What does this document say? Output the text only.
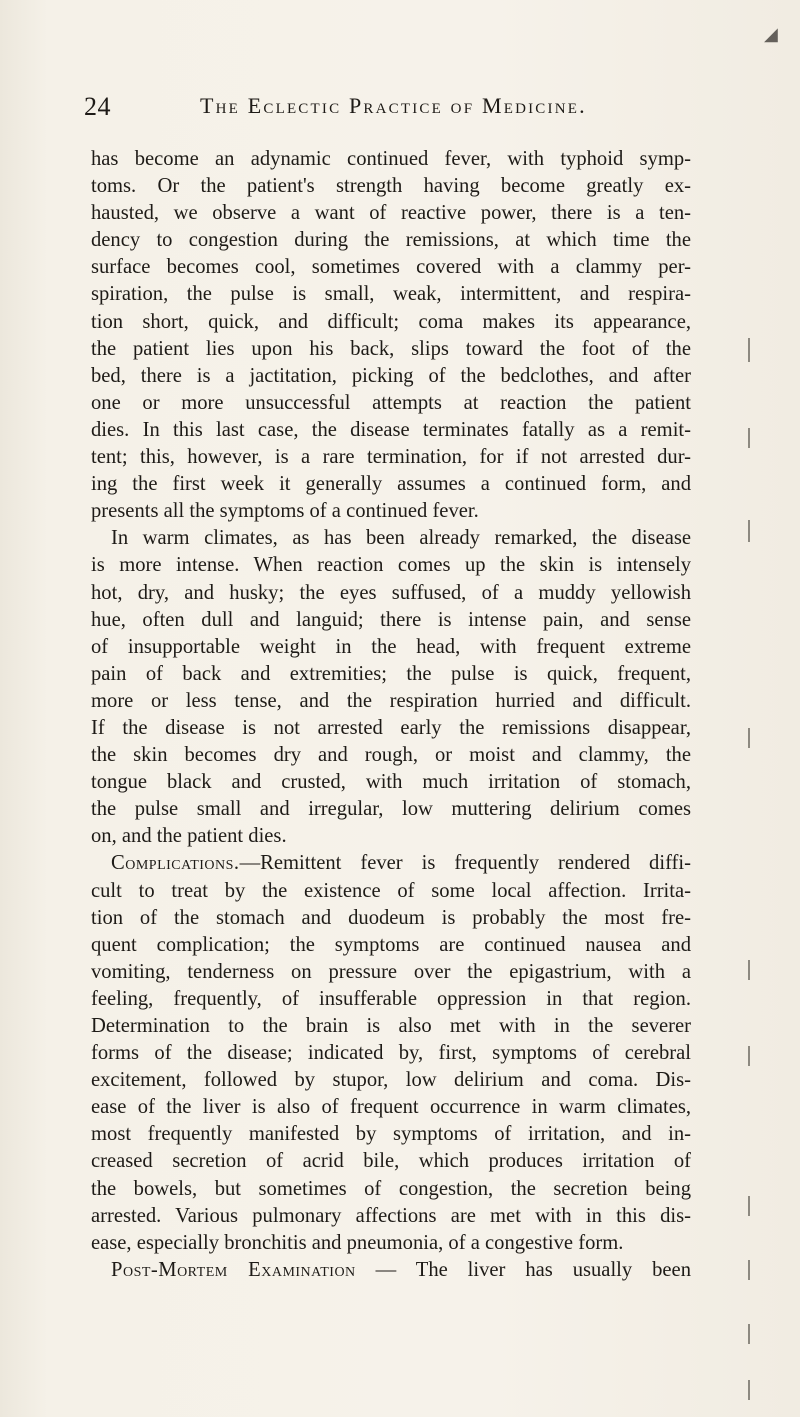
◢
24	The Eclectic Practice of Medicine.
has become an adynamic continued fever, with typhoid symp-
toms. Or the patient's strength having become greatly ex-
hausted, we observe a want of reactive power, there is a ten-
dency to congestion during the remissions, at which time the
surface becomes cool, sometimes covered with a clammy per-
spiration, the pulse is small, weak, intermittent, and respira-
tion short, quick, and difficult; coma makes its appearance,
the patient lies upon his back, slips toward the foot of the
bed, there is a jactitation, picking of the bedclothes, and after
one or more unsuccessful attempts at reaction the patient
dies. In this last case, the disease terminates fatally as a remit-
tent; this, however, is a rare termination, for if not arrested dur-
ing the first week it generally assumes a continued form, and
presents all the symptoms of a continued fever.
In warm climates, as has been already remarked, the disease
is more intense. When reaction comes up the skin is intensely
hot, dry, and husky; the eyes suffused, of a muddy yellowish
hue, often dull and languid; there is intense pain, and sense
of insupportable weight in the head, with frequent extreme
pain of back and extremities; the pulse is quick, frequent,
more or less tense, and the respiration hurried and difficult.
If the disease is not arrested early the remissions disappear,
the skin becomes dry and rough, or moist and clammy, the
tongue black and crusted, with much irritation of stomach,
the pulse small and irregular, low muttering delirium comes
on, and the patient dies.
Complications.—Remittent fever is frequently rendered diffi-
cult to treat by the existence of some local affection. Irrita-
tion of the stomach and duodeum is probably the most fre-
quent complication; the symptoms are continued nausea and
vomiting, tenderness on pressure over the epigastrium, with a
feeling, frequently, of insufferable oppression in that region.
Determination to the brain is also met with in the severer
forms of the disease; indicated by, first, symptoms of cerebral
excitement, followed by stupor, low delirium and coma. Dis-
ease of the liver is also of frequent occurrence in warm climates,
most frequently manifested by symptoms of irritation, and in-
creased secretion of acrid bile, which produces irritation of
the bowels, but sometimes of congestion, the secretion being
arrested. Various pulmonary affections are met with in this dis-
ease, especially bronchitis and pneumonia, of a congestive form.
Post-Mortem Examination — The liver has usually been
